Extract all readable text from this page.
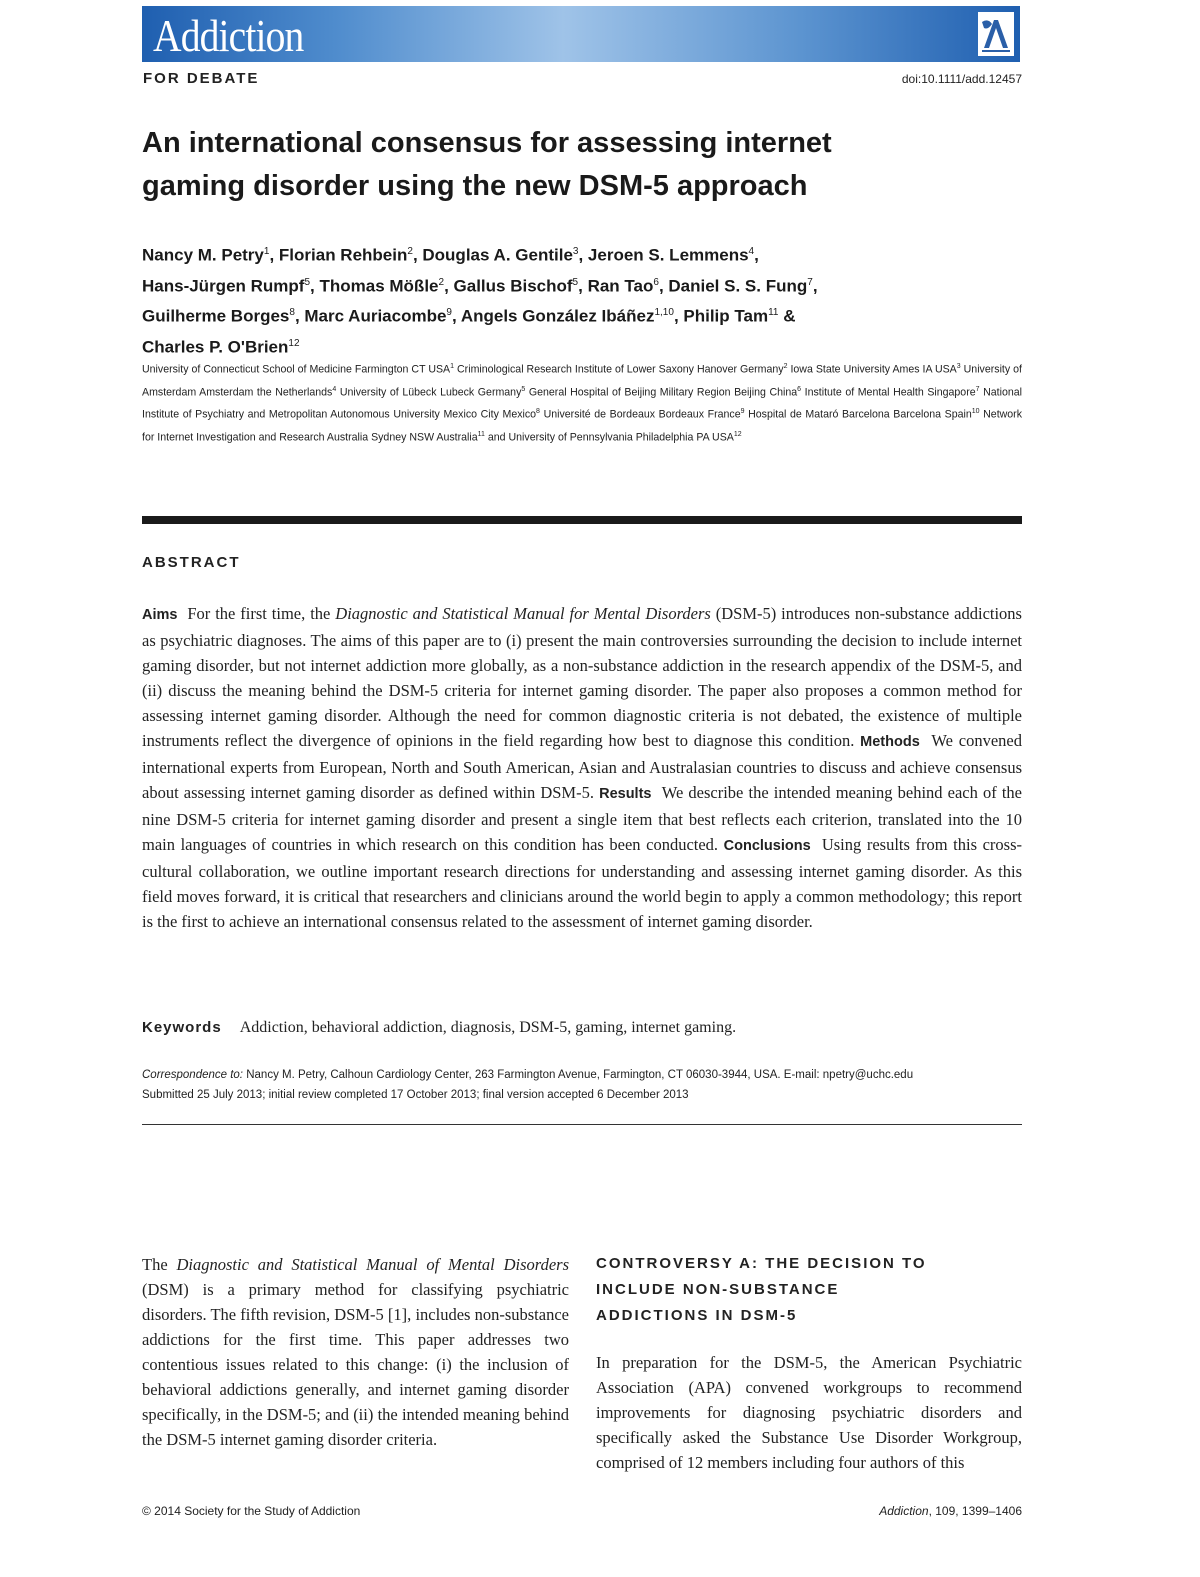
Addiction
FOR DEBATE	doi:10.1111/add.12457
An international consensus for assessing internet
gaming disorder using the new DSM-5 approach
Nancy M. Petry$^1$, Florian Rehbein$^2$, Douglas A. Gentile$^3$, Jeroen S. Lemmens$^4$,
Hans-Jürgen Rumpf$^5$, Thomas Mößle$^2$, Gallus Bischof$^5$, Ran Tao$^6$, Daniel S. S. Fung$^7$,
Guilherme Borges$^8$, Marc Auriacombe$^9$, Angels González Ibáñez$^{1,10}$, Philip Tam$^{11}$ &
Charles P. O'Brien$^{12}$
University of Connecticut School of Medicine Farmington CT USA$^1$ Criminological Research Institute of Lower Saxony Hanover Germany$^2$ Iowa State University Ames IA USA$^3$ University of Amsterdam Amsterdam the Netherlands$^4$ University of Lübeck Lubeck Germany$^5$ General Hospital of Beijing Military Region Beijing China$^6$ Institute of Mental Health Singapore$^7$ National Institute of Psychiatry and Metropolitan Autonomous University Mexico City Mexico$^8$ Université de Bordeaux Bordeaux France$^9$ Hospital de Mataró Barcelona Barcelona Spain$^{10}$ Network for Internet Investigation and Research Australia Sydney NSW Australia$^{11}$ and University of Pennsylvania Philadelphia PA USA$^{12}$
ABSTRACT

Aims For the first time, the Diagnostic and Statistical Manual for Mental Disorders (DSM-5) introduces non-substance addictions as psychiatric diagnoses. The aims of this paper are to (i) present the main controversies surrounding the decision to include internet gaming disorder, but not internet addiction more globally, as a non-substance addiction in the research appendix of the DSM-5, and (ii) discuss the meaning behind the DSM-5 criteria for internet gaming disorder. The paper also proposes a common method for assessing internet gaming disorder. Although the need for common diagnostic criteria is not debated, the existence of multiple instruments reflect the divergence of opinions in the field regarding how best to diagnose this condition. Methods We convened international experts from European, North and South American, Asian and Australasian countries to discuss and achieve consensus about assessing internet gaming disorder as defined within DSM-5. Results We describe the intended meaning behind each of the nine DSM-5 criteria for internet gaming disorder and present a single item that best reflects each criterion, translated into the 10 main languages of countries in which research on this condition has been conducted. Conclusions Using results from this cross-cultural collaboration, we outline important research directions for understanding and assessing internet gaming disorder. As this field moves forward, it is critical that researchers and clinicians around the world begin to apply a common methodology; this report is the first to achieve an international consensus related to the assessment of internet gaming disorder.

Keywords Addiction, behavioral addiction, diagnosis, DSM-5, gaming, internet gaming.
Correspondence to: Nancy M. Petry, Calhoun Cardiology Center, 263 Farmington Avenue, Farmington, CT 06030-3944, USA. E-mail: npetry@uchc.edu
Submitted 25 July 2013; initial review completed 17 October 2013; final version accepted 6 December 2013

The Diagnostic and Statistical Manual of Mental Disorders (DSM) is a primary method for classifying psychiatric disorders. The fifth revision, DSM-5 [1], includes non-substance addictions for the first time. This paper addresses two contentious issues related to this change: (i) the inclusion of behavioral addictions generally, and internet gaming disorder specifically, in the DSM-5; and (ii) the intended meaning behind the DSM-5 internet gaming disorder criteria.

CONTROVERSY A: THE DECISION TO
INCLUDE NON-SUBSTANCE
ADDICTIONS IN DSM-5

In preparation for the DSM-5, the American Psychiatric Association (APA) convened workgroups to recommend improvements for diagnosing psychiatric disorders and specifically asked the Substance Use Disorder Workgroup, comprised of 12 members including four authors of this

© 2014 Society for the Study of Addiction	Addiction, 109, 1399–1406
